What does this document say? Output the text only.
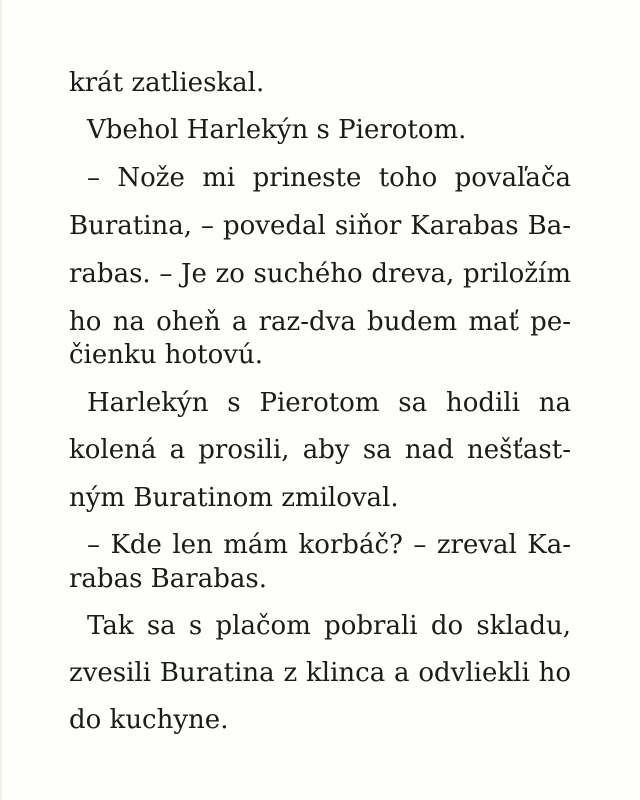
krát zatlieskal.
Vbehol Harlekýn s Pierotom.
– Nože mi prineste toho povaľača
Buratina, – povedal siňor Karabas Ba-
rabas. – Je zo suchého dreva, priložím
ho na oheň a raz-dva budem mať pe-
čienku hotovú.
Harlekýn s Pierotom sa hodili na
kolená a prosili, aby sa nad nešťast-
ným Buratinom zmiloval.
– Kde len mám korbáč? – zreval Ka-
rabas Barabas.
Tak sa s plačom pobrali do skladu,
zvesili Buratina z klinca a odvliekli ho
do kuchyne.
